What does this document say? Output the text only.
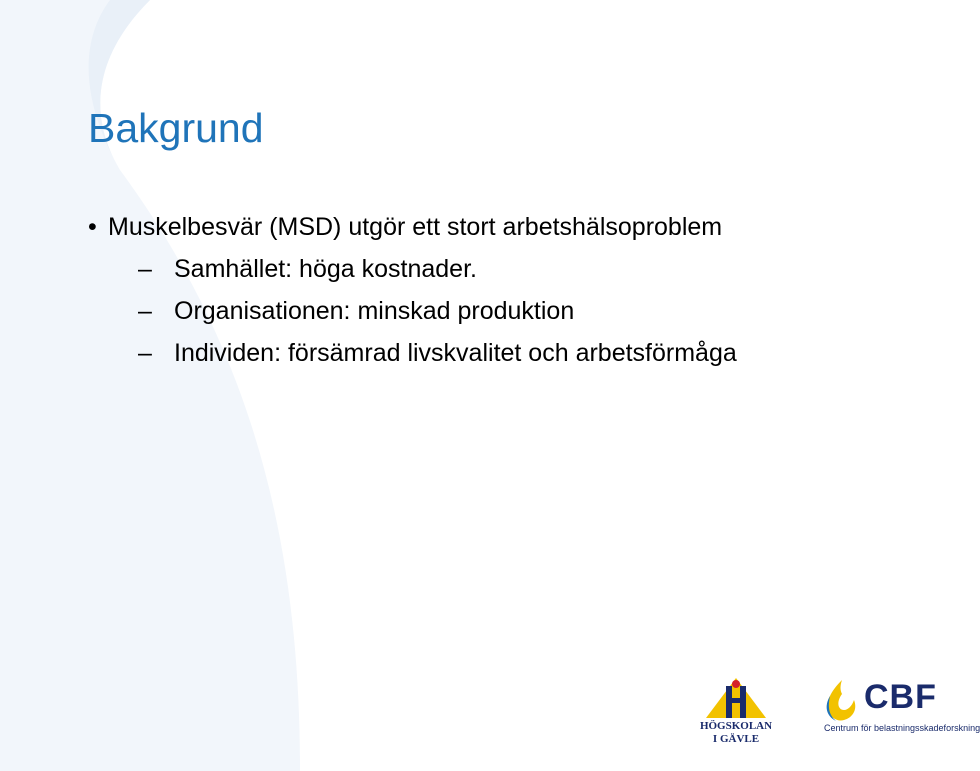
Bakgrund
• Muskelbesvär (MSD) utgör ett stort arbetshälsoproblem
– Samhället: höga kostnader.
– Organisationen: minskad produktion
– Individen: försämrad livskvalitet och arbetsförmåga
HÖGSKOLAN
I GÄVLE
CBF
Centrum för belastningsskadeforskning
